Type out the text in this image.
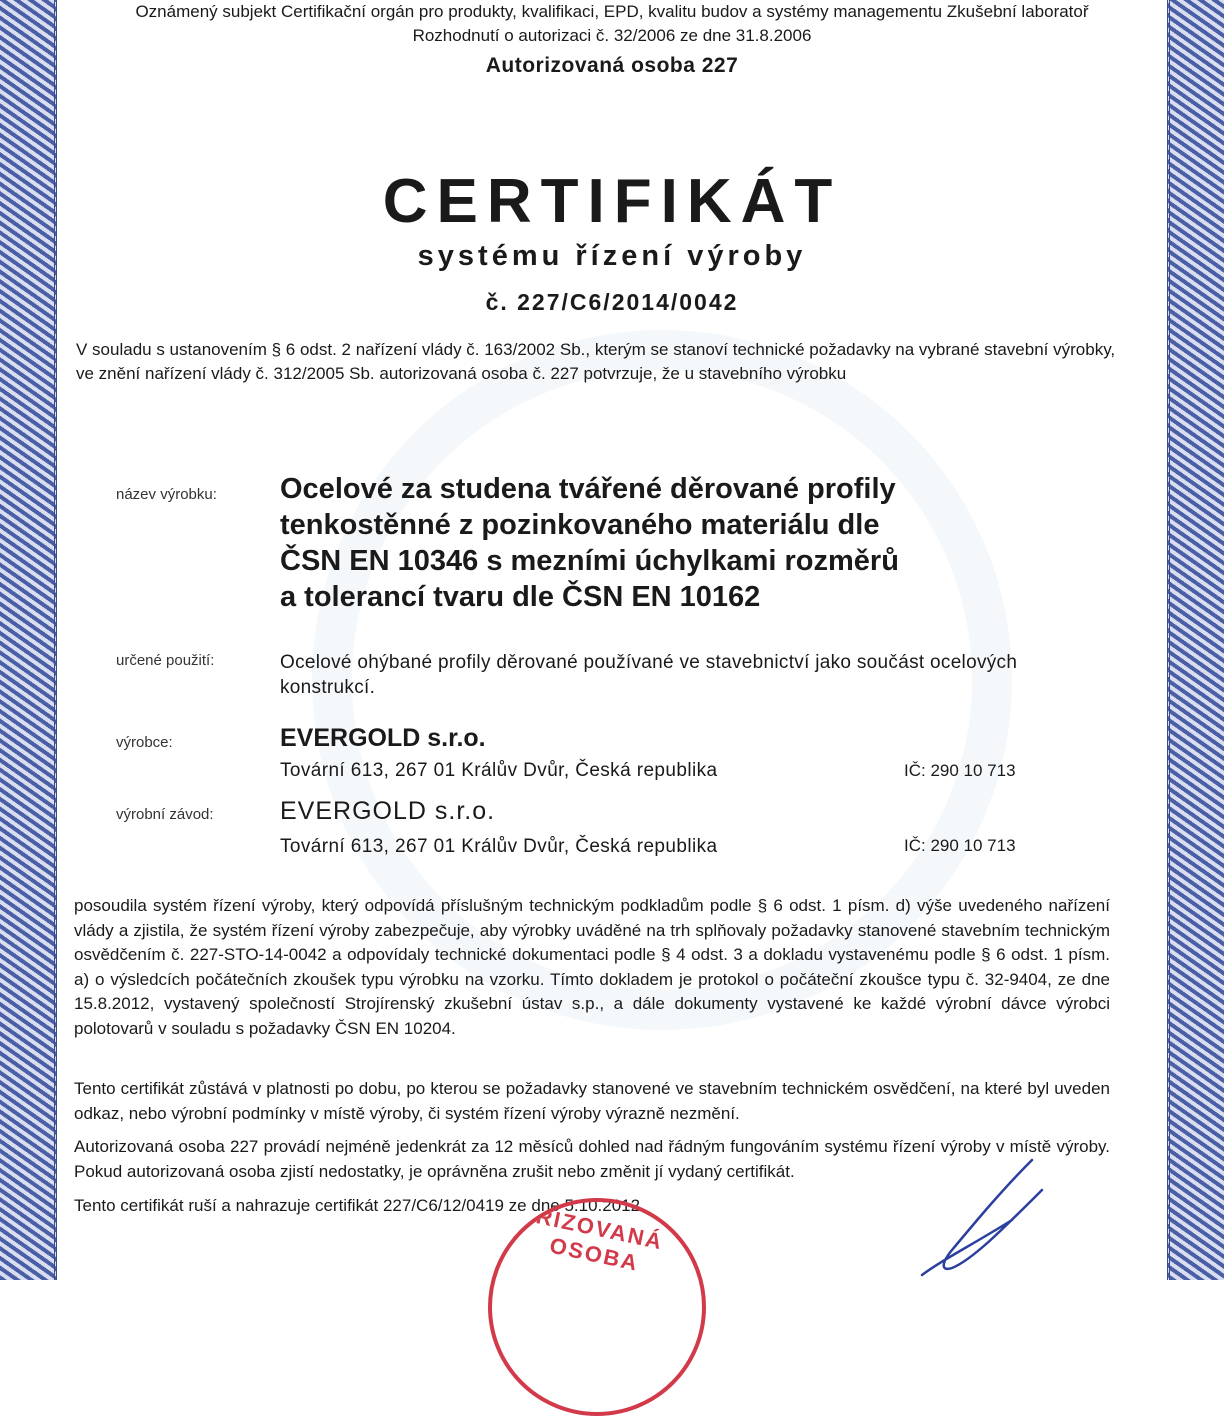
Oznámený subjekt Certifikační orgán pro produkty, kvalifikaci, EPD, kvalitu budov a systémy managementu Zkušební laboratoř
Rozhodnutí o autorizaci č. 32/2006 ze dne 31.8.2006
Autorizovaná osoba 227
CERTIFIKÁT
systému řízení výroby
č. 227/C6/2014/0042
V souladu s ustanovením § 6 odst. 2 nařízení vlády č. 163/2002 Sb., kterým se stanoví technické požadavky na vybrané stavební výrobky, ve znění nařízení vlády č. 312/2005 Sb. autorizovaná osoba č. 227 potvrzuje, že u stavebního výrobku
název výrobku: Ocelové za studena tvářené děrované profily
tenkostěnné z pozinkovaného materiálu dle
ČSN EN 10346 s mezními úchylkami rozměrů
a tolerancí tvaru dle ČSN EN 10162
určené použití:	Ocelové ohýbané profily děrované používané ve stavebnictví jako součást ocelových konstrukcí.
výrobce:	EVERGOLD s.r.o.
Tovární 613, 267 01 Králův Dvůr, Česká republika	IČ: 290 10 713
výrobní závod:	EVERGOLD s.r.o.
Tovární 613, 267 01 Králův Dvůr, Česká republika	IČ: 290 10 713
posoudila systém řízení výroby, který odpovídá příslušným technickým podkladům podle § 6 odst. 1 písm. d) výše uvedeného nařízení vlády a zjistila, že systém řízení výroby zabezpečuje, aby výrobky uváděné na trh splňovaly požadavky stanovené stavebním technickým osvědčením č. 227-STO-14-0042 a odpovídaly technické dokumentaci podle § 4 odst. 3 a dokladu vystavenému podle § 6 odst. 1 písm. a) o výsledcích počátečních zkoušek typu výrobku na vzorku. Tímto dokladem je protokol o počáteční zkoušce typu č. 32-9404, ze dne 15.8.2012, vystavený společností Strojírenský zkušební ústav s.p., a dále dokumenty vystavené ke každé výrobní dávce výrobci polotovarů v souladu s požadavky ČSN EN 10204.
Tento certifikát zůstává v platnosti po dobu, po kterou se požadavky stanovené ve stavebním technickém osvědčení, na které byl uveden odkaz, nebo výrobní podmínky v místě výroby, či systém řízení výroby výrazně nezmění.
Autorizovaná osoba 227 provádí nejméně jedenkrát za 12 měsíců dohled nad řádným fungováním systému řízení výroby v místě výroby. Pokud autorizovaná osoba zjistí nedostatky, je oprávněna zrušit nebo změnit jí vydaný certifikát.
Tento certifikát ruší a nahrazuje certifikát 227/C6/12/0419 ze dne 5.10.2012.
RIZOVANÁ OSOBA
